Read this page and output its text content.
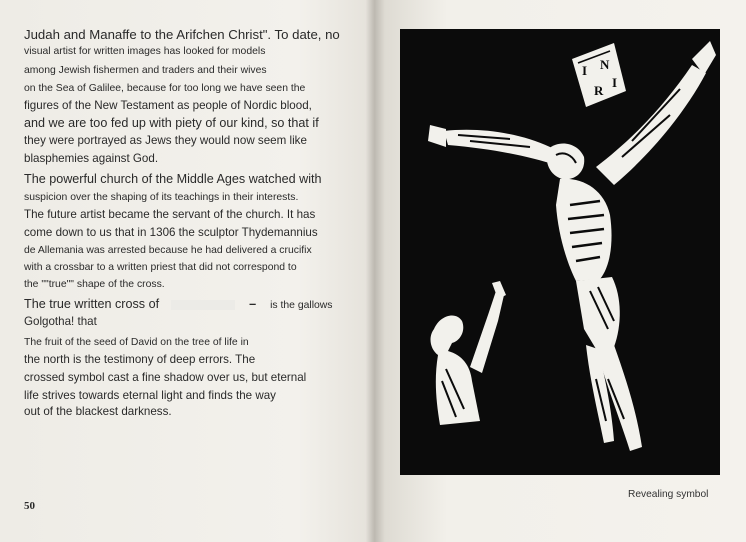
Judah and Manaffe to the Arifchen Christ". To date, no
visual artist for written images has looked for models
among Jewish fishermen and traders and their wives
on the Sea of Galilee, because for too long we have seen the
figures of the New Testament as people of Nordic blood,
and we are too fed up with piety of our kind, so that if
they were portrayed as Jews they would now seem like
blasphemies against God.
The powerful church of the Middle Ages watched with
suspicion over the shaping of its teachings in their interests.
The future artist became the servant of the church. It has
come down to us that in 1306 the sculptor Thydemannius
de Allemania was arrested because he had delivered a crucifix
with a crossbar to a written priest that did not correspond to
the ""true"" shape of the cross.
The true written cross of	– is the gallows
Golgotha! that
The fruit of the seed of David on the tree of life in
the north is the testimony of deep errors. The
crossed symbol cast a fine shadow over us, but eternal
life strives towards eternal light and finds the way
out of the blackest darkness.
50
I N
R
I
Revealing symbol
